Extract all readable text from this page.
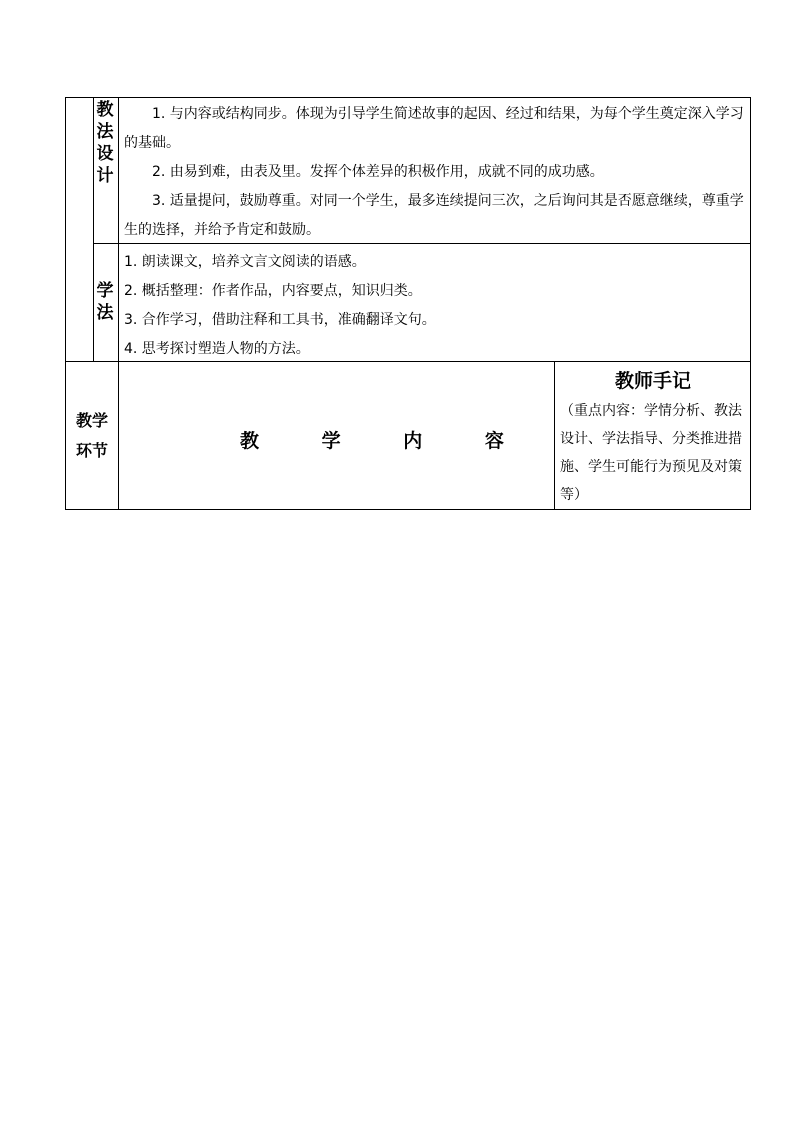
教
法
设
计

1. 与内容或结构同步。体现为引导学生简述故事的起因、经过和结果，为每个学生奠定深入学习的基础。

2. 由易到难，由表及里。发挥个体差异的积极作用，成就不同的成功感。

3. 适量提问，鼓励尊重。对同一个学生，最多连续提问三次，之后询问其是否愿意继续，尊重学生的选择，并给予肯定和鼓励。

学
法

1. 朗读课文，培养文言文阅读的语感。

2. 概括整理：作者作品，内容要点，知识归类。

3. 合作学习，借助注释和工具书，准确翻译文句。

4. 思考探讨塑造人物的方法。

教学
环节	教 学 内 容
教师手记
（重点内容：学情分析、教法设计、学法指导、分类推进措施、学生可能行为预见及对策等）
